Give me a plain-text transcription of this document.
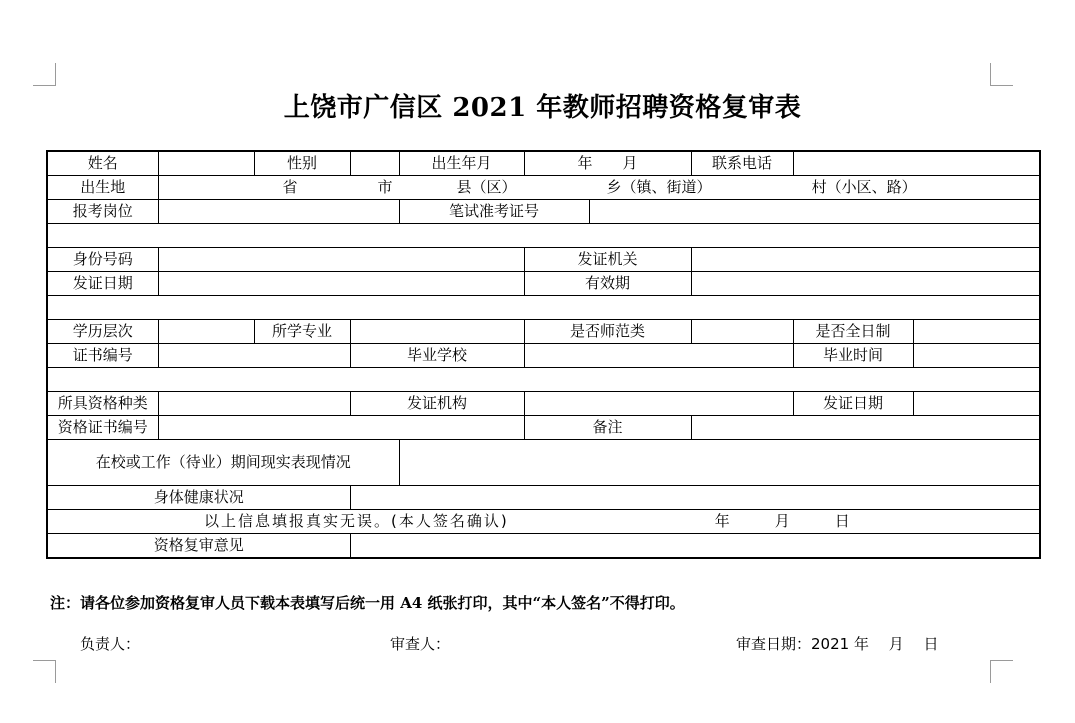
上饶市广信区 2021 年教师招聘资格复审表
姓名		性别		出生年月	年　　月		联系电话		
出生地	省 市 县（区） 乡（镇、街道） 村（小区、路）								
报考岗位				笔试准考证号					

身份号码					发证机关				
发证日期					有效期				

学历层次		所学专业			是否师范类			是否全日制	
证书编号			毕业学校					毕业时间	

所具资格种类			发证机构					发证日期	
资格证书编号					备注				
在校或工作（待业）期间现实表现情况									
身体健康状况									
以上信息填报真实无误。(本人签名确认) 年　　　月　　　日									
资格复审意见									
注：请各位参加资格复审人员下载本表填写后统一用 A4 纸张打印，其中“本人签名”不得打印。
负责人：	审查人：	审查日期：2021 年　 月　 日
